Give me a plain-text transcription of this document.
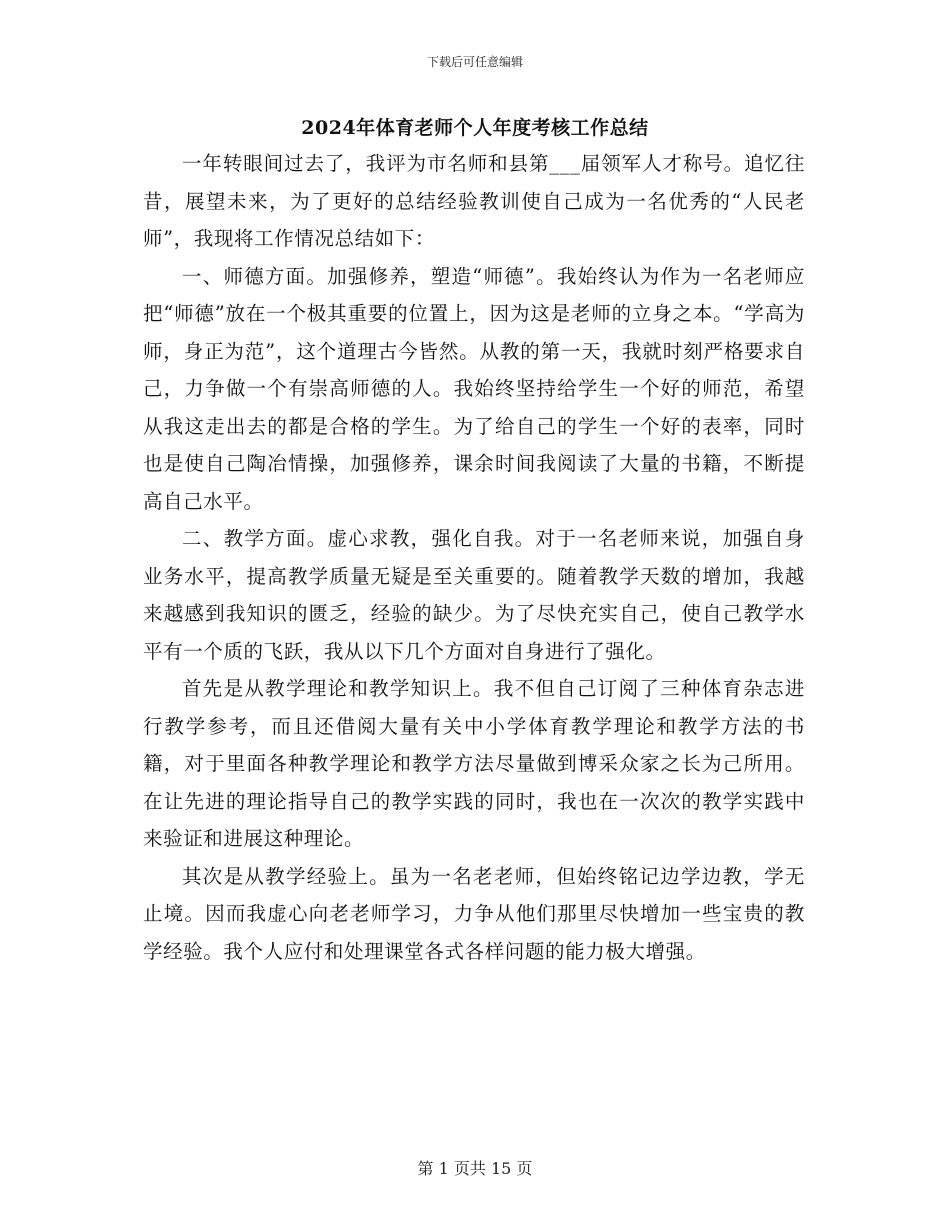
下载后可任意编辑
2024年体育老师个人年度考核工作总结

一年转眼间过去了，我评为市名师和县第___届领军人才称号。追忆往昔，展望未来，为了更好的总结经验教训使自己成为一名优秀的“人民老师”，我现将工作情况总结如下：

一、师德方面。加强修养，塑造“师德”。我始终认为作为一名老师应把“师德”放在一个极其重要的位置上，因为这是老师的立身之本。“学高为师，身正为范”，这个道理古今皆然。从教的第一天，我就时刻严格要求自己，力争做一个有崇高师德的人。我始终坚持给学生一个好的师范，希望从我这走出去的都是合格的学生。为了给自己的学生一个好的表率，同时也是使自己陶冶情操，加强修养，课余时间我阅读了大量的书籍，不断提高自己水平。

二、教学方面。虚心求教，强化自我。对于一名老师来说，加强自身业务水平，提高教学质量无疑是至关重要的。随着教学天数的增加，我越来越感到我知识的匮乏，经验的缺少。为了尽快充实自己，使自己教学水平有一个质的飞跃，我从以下几个方面对自身进行了强化。

首先是从教学理论和教学知识上。我不但自己订阅了三种体育杂志进行教学参考，而且还借阅大量有关中小学体育教学理论和教学方法的书籍，对于里面各种教学理论和教学方法尽量做到博采众家之长为己所用。在让先进的理论指导自己的教学实践的同时，我也在一次次的教学实践中来验证和进展这种理论。

其次是从教学经验上。虽为一名老老师，但始终铭记边学边教，学无止境。因而我虚心向老老师学习，力争从他们那里尽快增加一些宝贵的教学经验。我个人应付和处理课堂各式各样问题的能力极大增强。

第 1 页共 15 页
